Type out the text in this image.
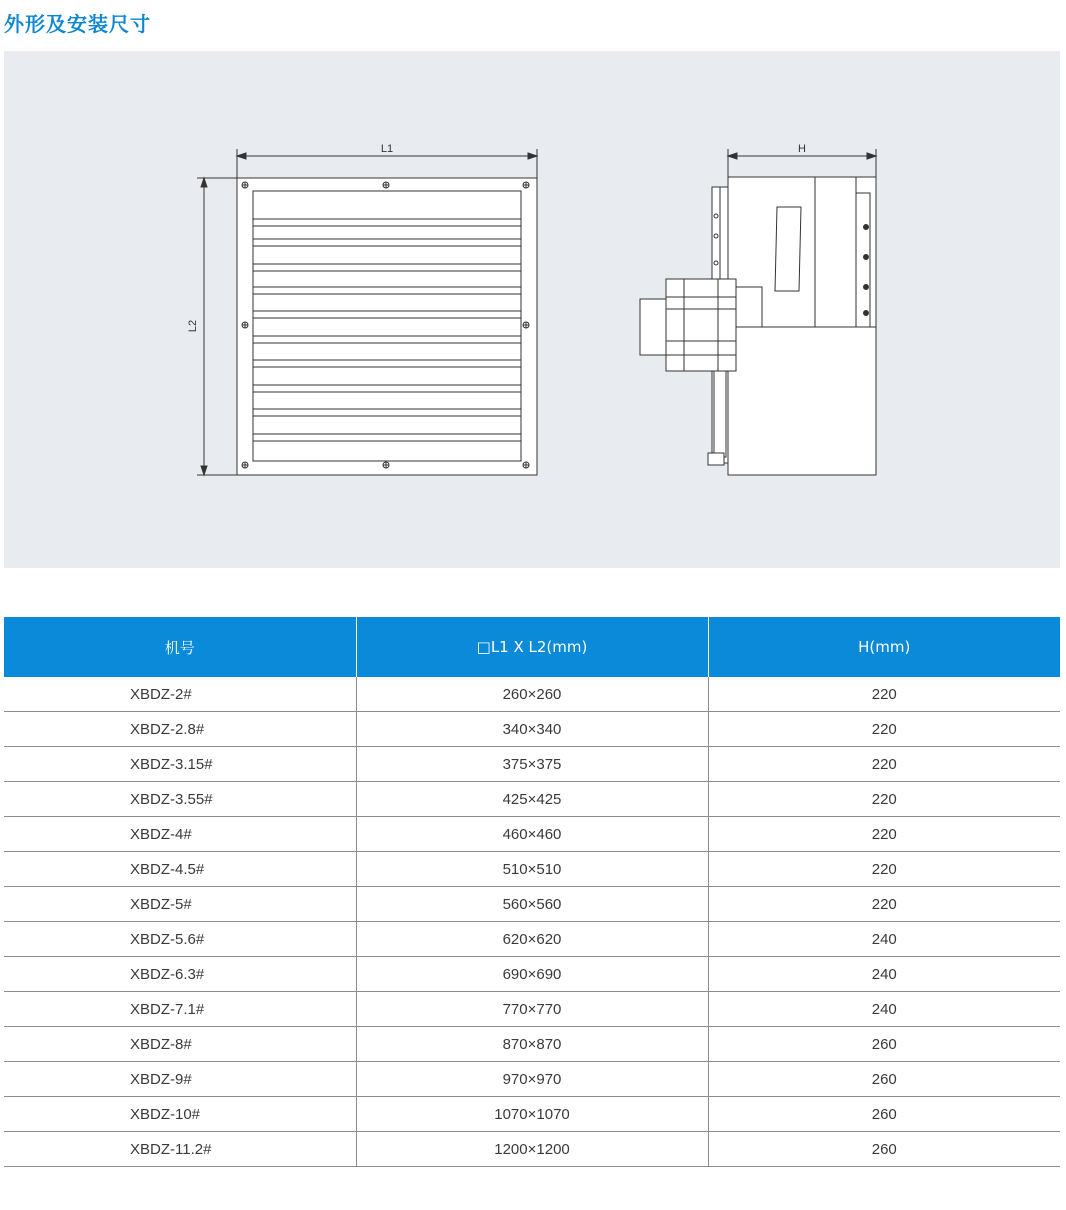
外形及安装尺寸
L1	H
L2
机号	□L1 X L2(mm)	H(mm)
XBDZ-2#	260×260	220
XBDZ-2.8#	340×340	220
XBDZ-3.15#	375×375	220
XBDZ-3.55#	425×425	220
XBDZ-4#	460×460	220
XBDZ-4.5#	510×510	220
XBDZ-5#	560×560	220
XBDZ-5.6#	620×620	240
XBDZ-6.3#	690×690	240
XBDZ-7.1#	770×770	240
XBDZ-8#	870×870	260
XBDZ-9#	970×970	260
XBDZ-10#	1070×1070	260
XBDZ-11.2#	1200×1200	260
